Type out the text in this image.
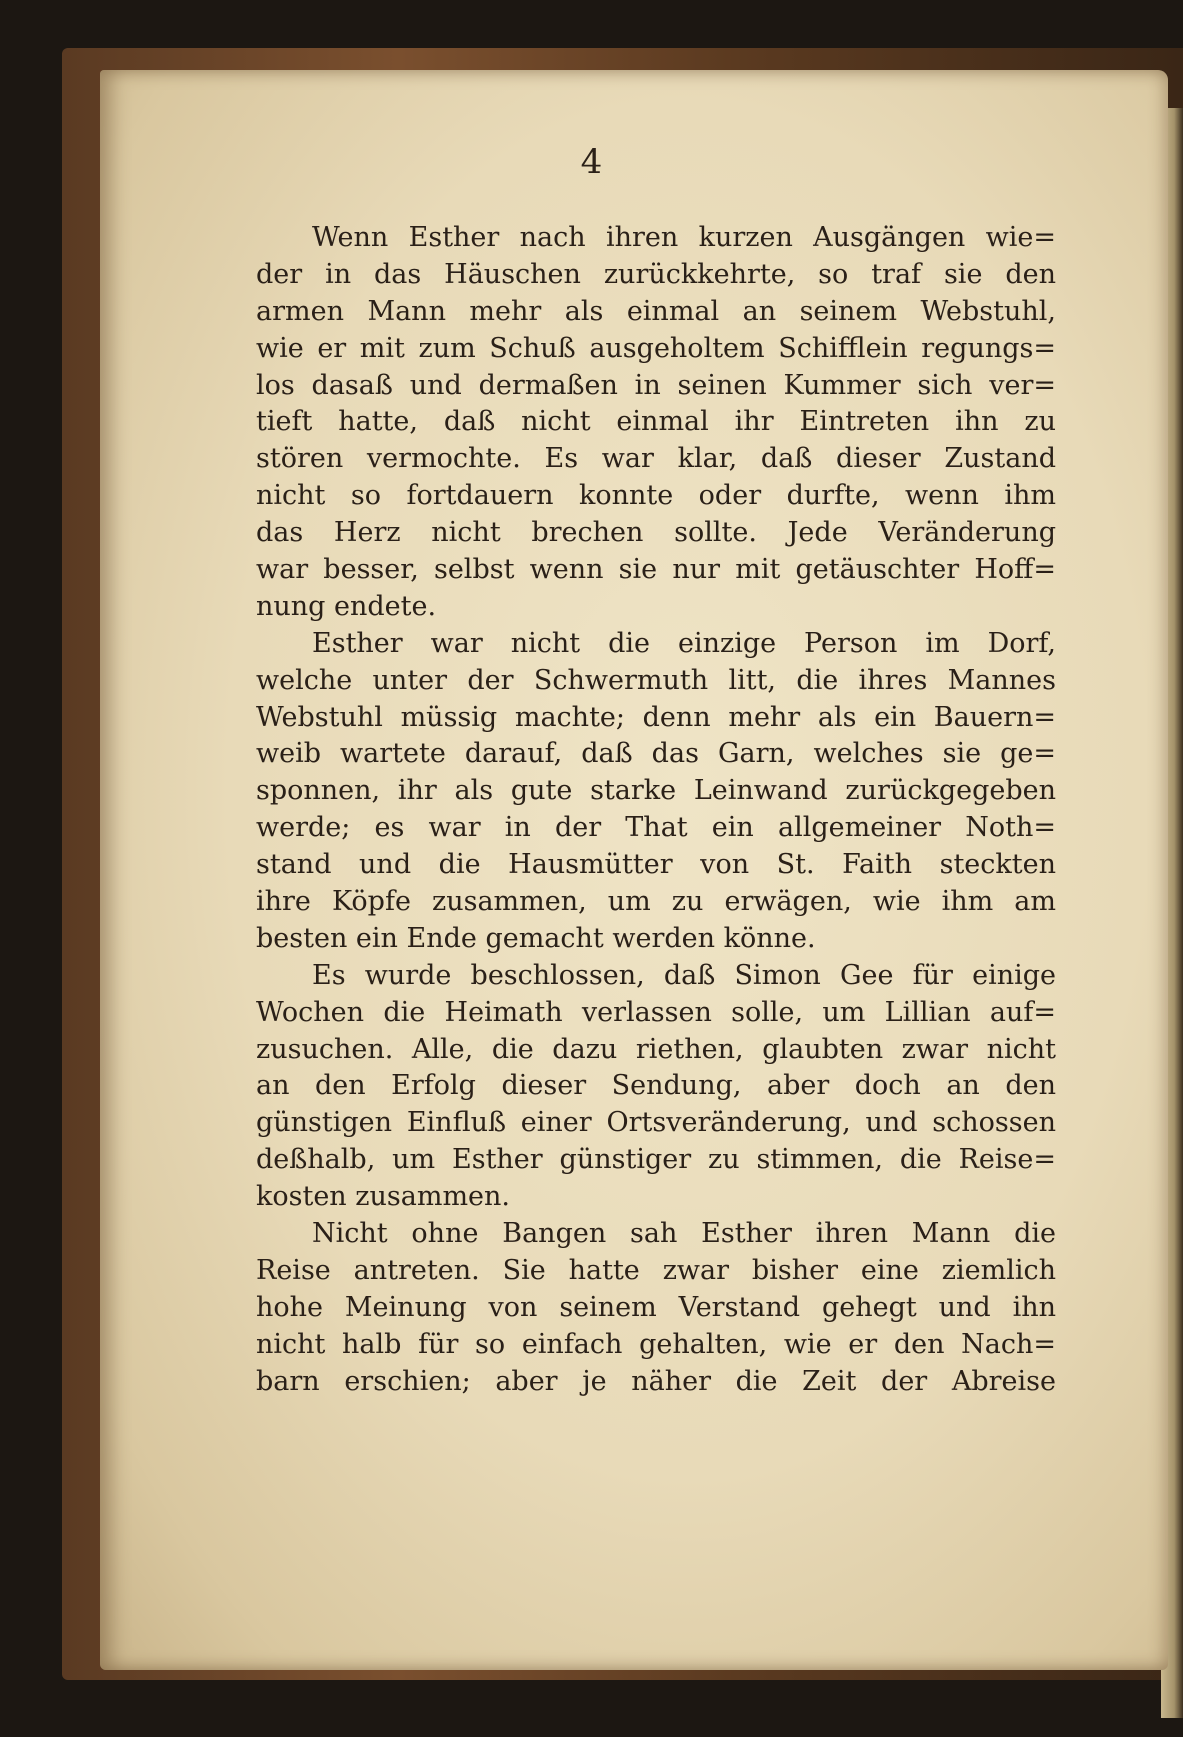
4
Wenn Esther nach ihren kurzen Ausgängen wie=
der in das Häuschen zurückkehrte, so traf sie den
armen Mann mehr als einmal an seinem Webstuhl,
wie er mit zum Schuß ausgeholtem Schifflein regungs=
los dasaß und dermaßen in seinen Kummer sich ver=
tieft hatte, daß nicht einmal ihr Eintreten ihn zu
stören vermochte. Es war klar, daß dieser Zustand
nicht so fortdauern konnte oder durfte, wenn ihm
das Herz nicht brechen sollte. Jede Veränderung
war besser, selbst wenn sie nur mit getäuschter Hoff=
nung endete.
Esther war nicht die einzige Person im Dorf,
welche unter der Schwermuth litt, die ihres Mannes
Webstuhl müssig machte; denn mehr als ein Bauern=
weib wartete darauf, daß das Garn, welches sie ge=
sponnen, ihr als gute starke Leinwand zurückgegeben
werde; es war in der That ein allgemeiner Noth=
stand und die Hausmütter von St. Faith steckten
ihre Köpfe zusammen, um zu erwägen, wie ihm am
besten ein Ende gemacht werden könne.
Es wurde beschlossen, daß Simon Gee für einige
Wochen die Heimath verlassen solle, um Lillian auf=
zusuchen. Alle, die dazu riethen, glaubten zwar nicht
an den Erfolg dieser Sendung, aber doch an den
günstigen Einfluß einer Ortsveränderung, und schossen
deßhalb, um Esther günstiger zu stimmen, die Reise=
kosten zusammen.
Nicht ohne Bangen sah Esther ihren Mann die
Reise antreten. Sie hatte zwar bisher eine ziemlich
hohe Meinung von seinem Verstand gehegt und ihn
nicht halb für so einfach gehalten, wie er den Nach=
barn erschien; aber je näher die Zeit der Abreise
